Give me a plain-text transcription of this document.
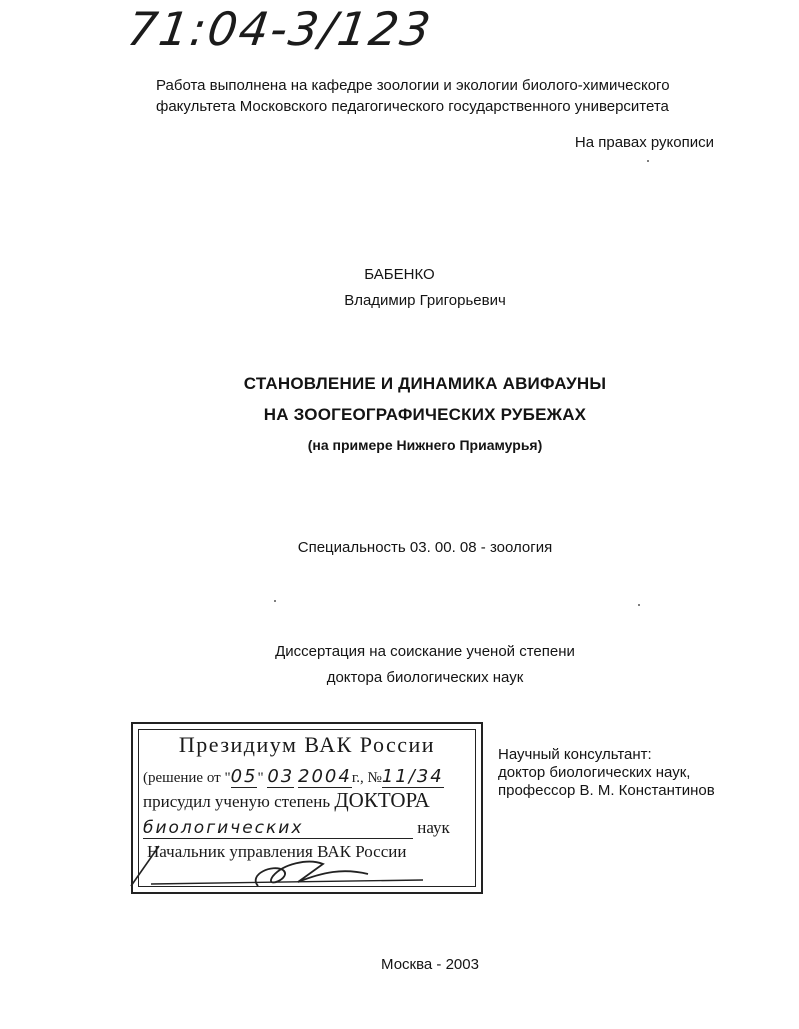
71:04-3/123
Работа выполнена на кафедре зоологии и экологии биолого-химического
факультета Московского педагогического государственного университета
На правах рукописи
БАБЕНКО
Владимир Григорьевич
СТАНОВЛЕНИЕ И ДИНАМИКА АВИФАУНЫ
НА ЗООГЕОГРАФИЧЕСКИХ РУБЕЖАХ
(на примере Нижнего Приамурья)
Специальность 03. 00. 08 - зоология
Диссертация на соискание ученой степени
доктора биологических наук
Президиум ВАК России
(решение от "05" 03 2004г., №11/34
присудил ученую степень ДОКТОРА
биологических	наук
Начальник управления ВАК России
Научный консультант:
доктор биологических наук,
профессор В. М. Константинов
Москва - 2003
